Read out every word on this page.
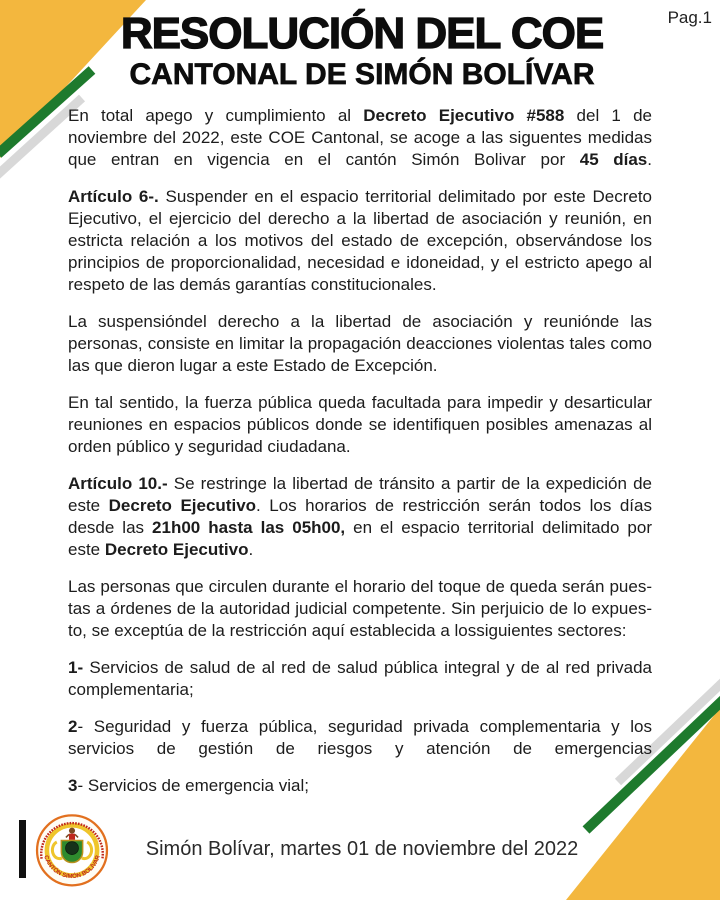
Pag.1
RESOLUCIÓN DEL COE
CANTONAL DE SIMÓN BOLÍVAR

En total apego y cumplimiento al Decreto Ejecutivo #588 del 1 de noviembre del 2022, este COE Cantonal, se acoge a las siguentes medidas que entran en vigencia en el cantón Simón Bolivar por 45 días.

Artículo 6-. Suspender en el espacio territorial delimitado por este Decreto Ejecutivo, el ejercicio del derecho a la libertad de asociación y reunión, en estricta relación a los motivos del estado de excepción, observándose los principios de proporcionalidad, necesidad e idoneidad, y el estricto apego al respeto de las demás garantías constitucionales.

La suspensióndel derecho a la libertad de asociación y reuniónde las personas, consiste en limitar la propagación deacciones violentas tales como las que dieron lugar a este Estado de Excepción.

En tal sentido, la fuerza pública queda facultada para impedir y desarticular reuniones en espacios públicos donde se identifiquen posibles amenazas al orden público y seguridad ciudadana.

Artículo 10.- Se restringe la libertad de tránsito a partir de la expedición de este Decreto Ejecutivo. Los horarios de restricción serán todos los días desde las 21h00 hasta las 05h00, en el espacio territorial delimitado por este Decreto Ejecutivo.

Las personas que circulen durante el horario del toque de queda serán pues-tas a órdenes de la autoridad judicial competente. Sin perjuicio de lo expues-to, se exceptúa de la restricción aquí establecida a lossiguientes sectores:

1- Servicios de salud de al red de salud pública integral y de al red privada complementaria;

2- Seguridad y fuerza pública, seguridad privada complementaria y los servicios de gestión de riesgos y atención de emergencias

3- Servicios de emergencia vial;

CANTÓN SIMÓN BOLÍVAR	Simón Bolívar, martes 01 de noviembre del 2022
